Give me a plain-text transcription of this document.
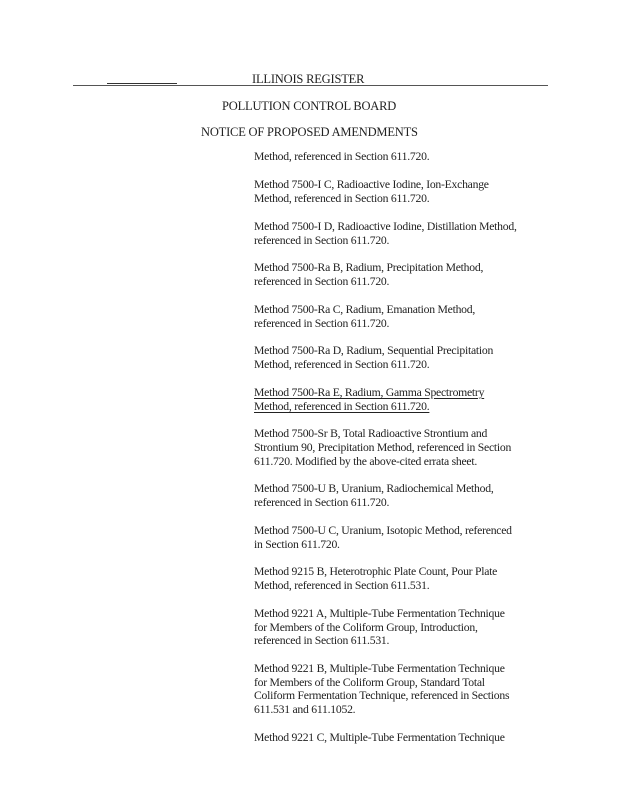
ILLINOIS REGISTER
POLLUTION CONTROL BOARD
NOTICE OF PROPOSED AMENDMENTS
Method, referenced in Section 611.720.
Method 7500-I C, Radioactive Iodine, Ion-Exchange
Method, referenced in Section 611.720.
Method 7500-I D, Radioactive Iodine, Distillation Method,
referenced in Section 611.720.
Method 7500-Ra B, Radium, Precipitation Method,
referenced in Section 611.720.
Method 7500-Ra C, Radium, Emanation Method,
referenced in Section 611.720.
Method 7500-Ra D, Radium, Sequential Precipitation
Method, referenced in Section 611.720.
Method 7500-Ra E, Radium, Gamma Spectrometry
Method, referenced in Section 611.720.
Method 7500-Sr B, Total Radioactive Strontium and
Strontium 90, Precipitation Method, referenced in Section
611.720. Modified by the above-cited errata sheet.
Method 7500-U B, Uranium, Radiochemical Method,
referenced in Section 611.720.
Method 7500-U C, Uranium, Isotopic Method, referenced
in Section 611.720.
Method 9215 B, Heterotrophic Plate Count, Pour Plate
Method, referenced in Section 611.531.
Method 9221 A, Multiple-Tube Fermentation Technique
for Members of the Coliform Group, Introduction,
referenced in Section 611.531.
Method 9221 B, Multiple-Tube Fermentation Technique
for Members of the Coliform Group, Standard Total
Coliform Fermentation Technique, referenced in Sections
611.531 and 611.1052.
Method 9221 C, Multiple-Tube Fermentation Technique
